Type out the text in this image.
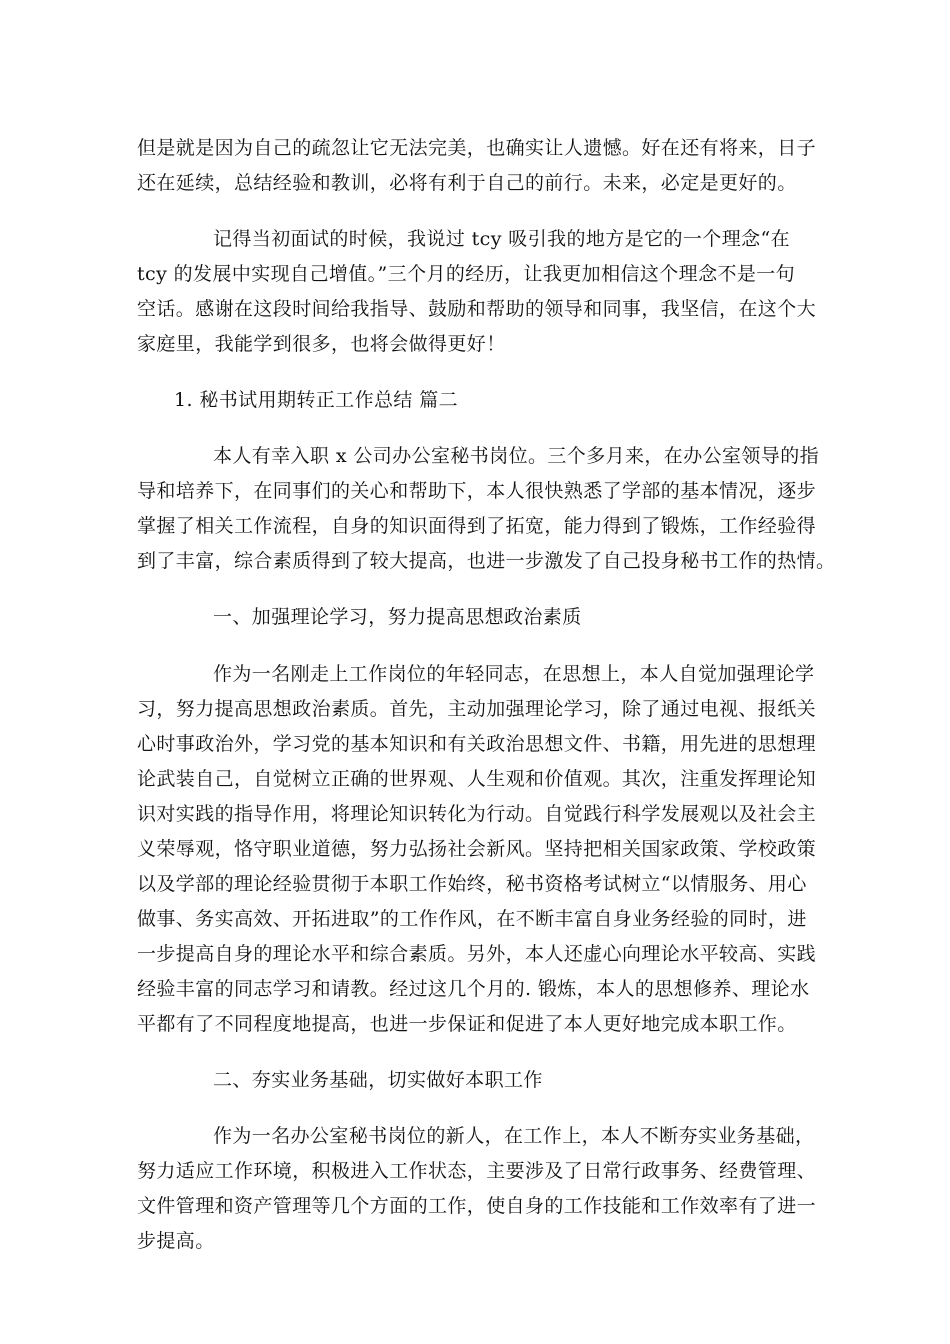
但是就是因为自己的疏忽让它无法完美，也确实让人遗憾。好在还有将来，日子
还在延续，总结经验和教训，必将有利于自己的前行。未来，必定是更好的。
记得当初面试的时候，我说过 tcy 吸引我的地方是它的一个理念“在
tcy 的发展中实现自己增值。”三个月的经历，让我更加相信这个理念不是一句
空话。感谢在这段时间给我指导、鼓励和帮助的领导和同事，我坚信，在这个大
家庭里，我能学到很多，也将会做得更好！
1. 秘书试用期转正工作总结 篇二
本人有幸入职 x 公司办公室秘书岗位。三个多月来，在办公室领导的指
导和培养下，在同事们的关心和帮助下，本人很快熟悉了学部的基本情况，逐步
掌握了相关工作流程，自身的知识面得到了拓宽，能力得到了锻炼，工作经验得
到了丰富，综合素质得到了较大提高，也进一步激发了自己投身秘书工作的热情。
一、加强理论学习，努力提高思想政治素质
作为一名刚走上工作岗位的年轻同志，在思想上，本人自觉加强理论学
习，努力提高思想政治素质。首先，主动加强理论学习，除了通过电视、报纸关
心时事政治外，学习党的基本知识和有关政治思想文件、书籍，用先进的思想理
论武装自己，自觉树立正确的世界观、人生观和价值观。其次，注重发挥理论知
识对实践的指导作用，将理论知识转化为行动。自觉践行科学发展观以及社会主
义荣辱观，恪守职业道德，努力弘扬社会新风。坚持把相关国家政策、学校政策
以及学部的理论经验贯彻于本职工作始终，秘书资格考试树立“以情服务、用心
做事、务实高效、开拓进取”的工作作风，在不断丰富自身业务经验的同时，进
一步提高自身的理论水平和综合素质。另外，本人还虚心向理论水平较高、实践
经验丰富的同志学习和请教。经过这几个月的. 锻炼，本人的思想修养、理论水
平都有了不同程度地提高，也进一步保证和促进了本人更好地完成本职工作。
二、夯实业务基础，切实做好本职工作
作为一名办公室秘书岗位的新人，在工作上，本人不断夯实业务基础，
努力适应工作环境，积极进入工作状态，主要涉及了日常行政事务、经费管理、
文件管理和资产管理等几个方面的工作，使自身的工作技能和工作效率有了进一
步提高。
